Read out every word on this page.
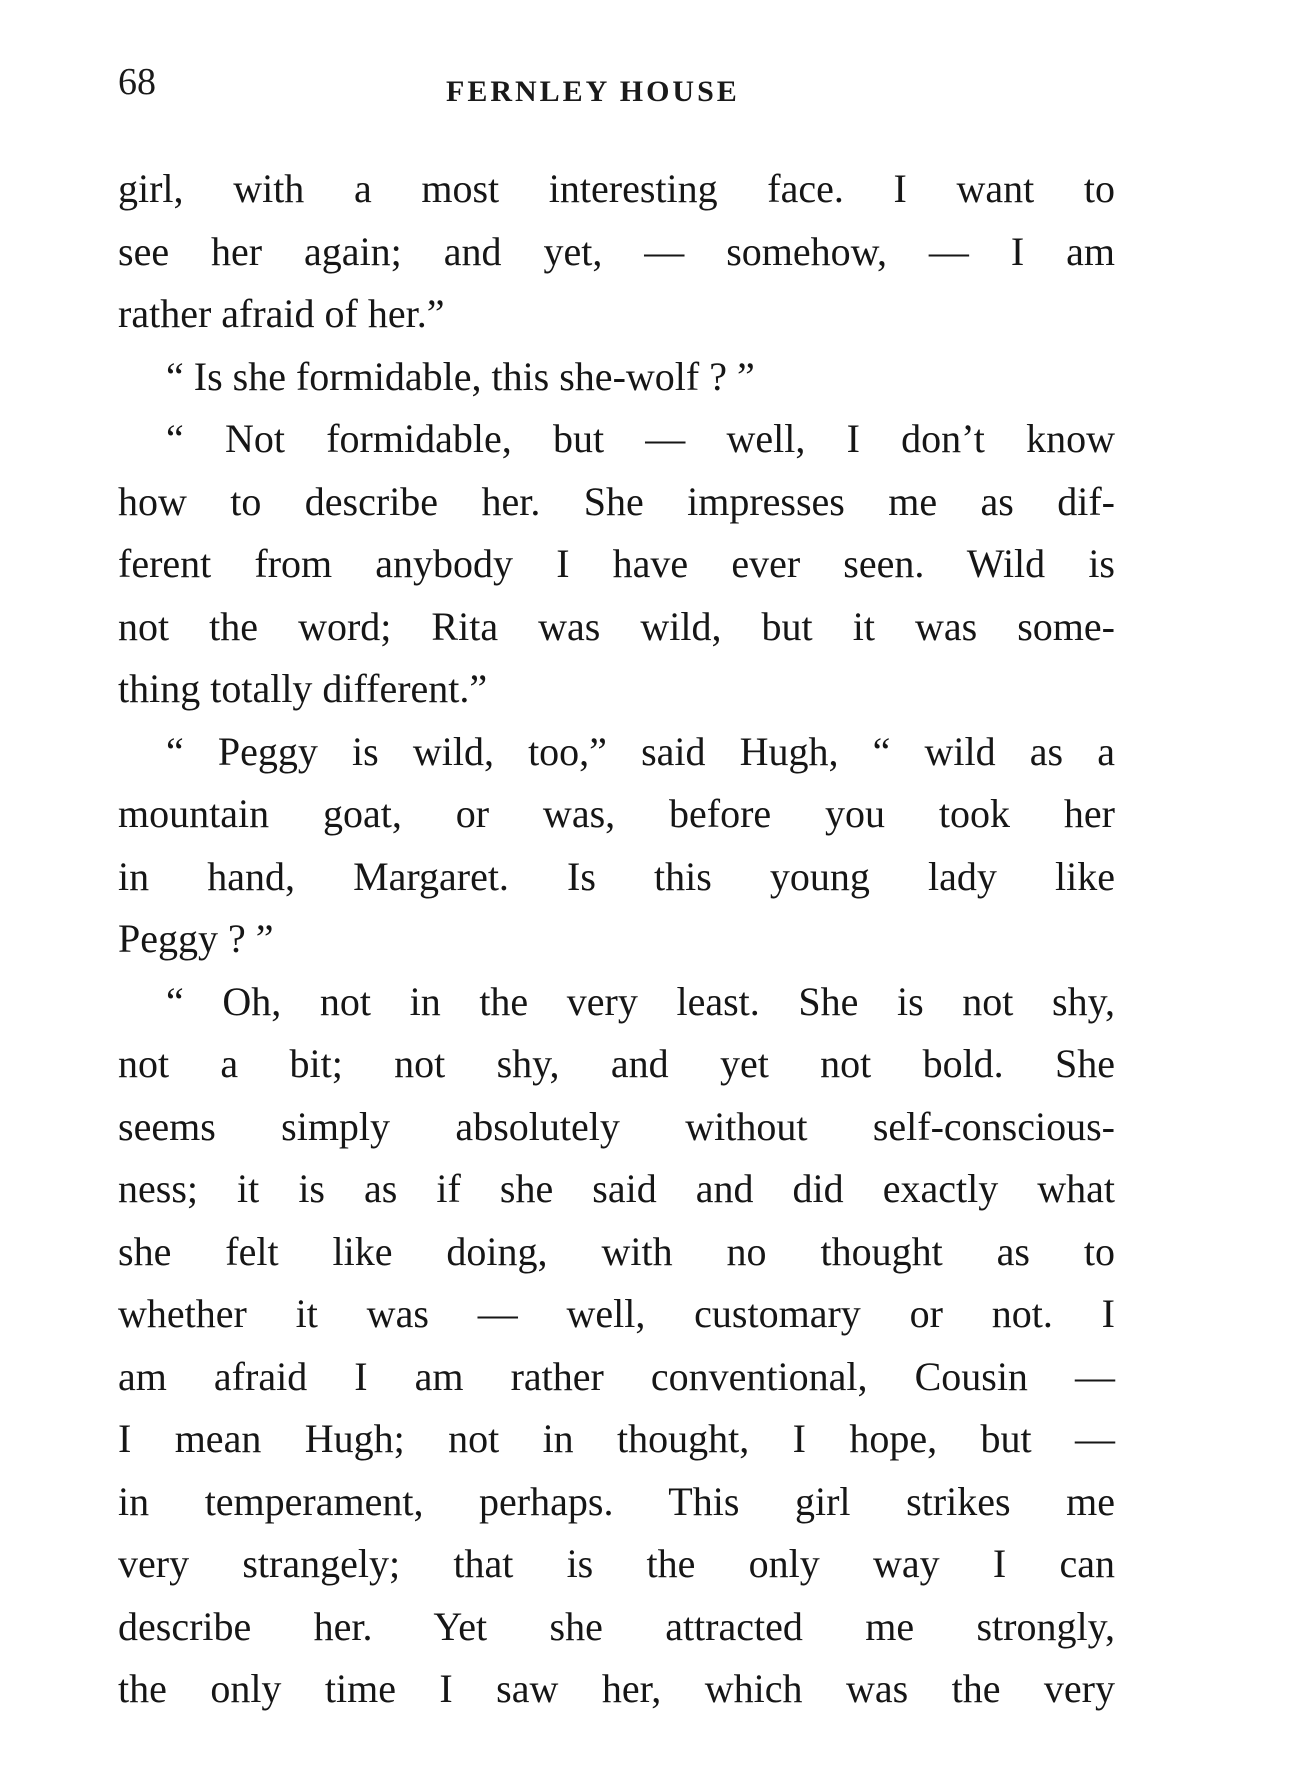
68	FERNLEY HOUSE
girl, with a most interesting face. I want to
see her again; and yet, — somehow, — I am
rather afraid of her.”
“ Is she formidable, this she-wolf ? ”
“ Not formidable, but — well, I don’t know
how to describe her. She impresses me as dif-
ferent from anybody I have ever seen. Wild is
not the word; Rita was wild, but it was some-
thing totally different.”
“ Peggy is wild, too,” said Hugh, “ wild as a
mountain goat, or was, before you took her
in hand, Margaret. Is this young lady like
Peggy ? ”
“ Oh, not in the very least. She is not shy,
not a bit; not shy, and yet not bold. She
seems simply absolutely without self-conscious-
ness; it is as if she said and did exactly what
she felt like doing, with no thought as to
whether it was — well, customary or not. I
am afraid I am rather conventional, Cousin —
I mean Hugh; not in thought, I hope, but —
in temperament, perhaps. This girl strikes me
very strangely; that is the only way I can
describe her. Yet she attracted me strongly,
the only time I saw her, which was the very
